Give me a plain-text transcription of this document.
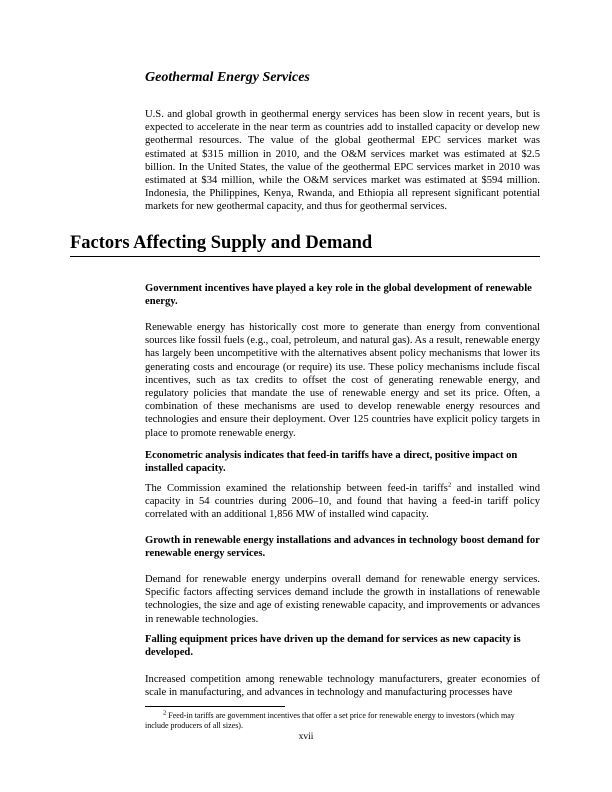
Geothermal Energy Services

U.S. and global growth in geothermal energy services has been slow in recent years, but is expected to accelerate in the near term as countries add to installed capacity or develop new geothermal resources. The value of the global geothermal EPC services market was estimated at $315 million in 2010, and the O&M services market was estimated at $2.5 billion. In the United States, the value of the geothermal EPC services market in 2010 was estimated at $34 million, while the O&M services market was estimated at $594 million. Indonesia, the Philippines, Kenya, Rwanda, and Ethiopia all represent significant potential markets for new geothermal capacity, and thus for geothermal services.

Factors Affecting Supply and Demand

Government incentives have played a key role in the global development of renewable energy.

Renewable energy has historically cost more to generate than energy from conventional sources like fossil fuels (e.g., coal, petroleum, and natural gas). As a result, renewable energy has largely been uncompetitive with the alternatives absent policy mechanisms that lower its generating costs and encourage (or require) its use. These policy mechanisms include fiscal incentives, such as tax credits to offset the cost of generating renewable energy, and regulatory policies that mandate the use of renewable energy and set its price. Often, a combination of these mechanisms are used to develop renewable energy resources and technologies and ensure their deployment. Over 125 countries have explicit policy targets in place to promote renewable energy.

Econometric analysis indicates that feed-in tariffs have a direct, positive impact on installed capacity.

The Commission examined the relationship between feed-in tariffs$^2$ and installed wind capacity in 54 countries during 2006–10, and found that having a feed-in tariff policy correlated with an additional 1,856 MW of installed wind capacity.

Growth in renewable energy installations and advances in technology boost demand for renewable energy services.

Demand for renewable energy underpins overall demand for renewable energy services. Specific factors affecting services demand include the growth in installations of renewable technologies, the size and age of existing renewable capacity, and improvements or advances in renewable technologies.

Falling equipment prices have driven up the demand for services as new capacity is developed.

Increased competition among renewable technology manufacturers, greater economies of scale in manufacturing, and advances in technology and manufacturing processes have

$^2$ Feed-in tariffs are government incentives that offer a set price for renewable energy to investors (which may include producers of all sizes).

xvii
